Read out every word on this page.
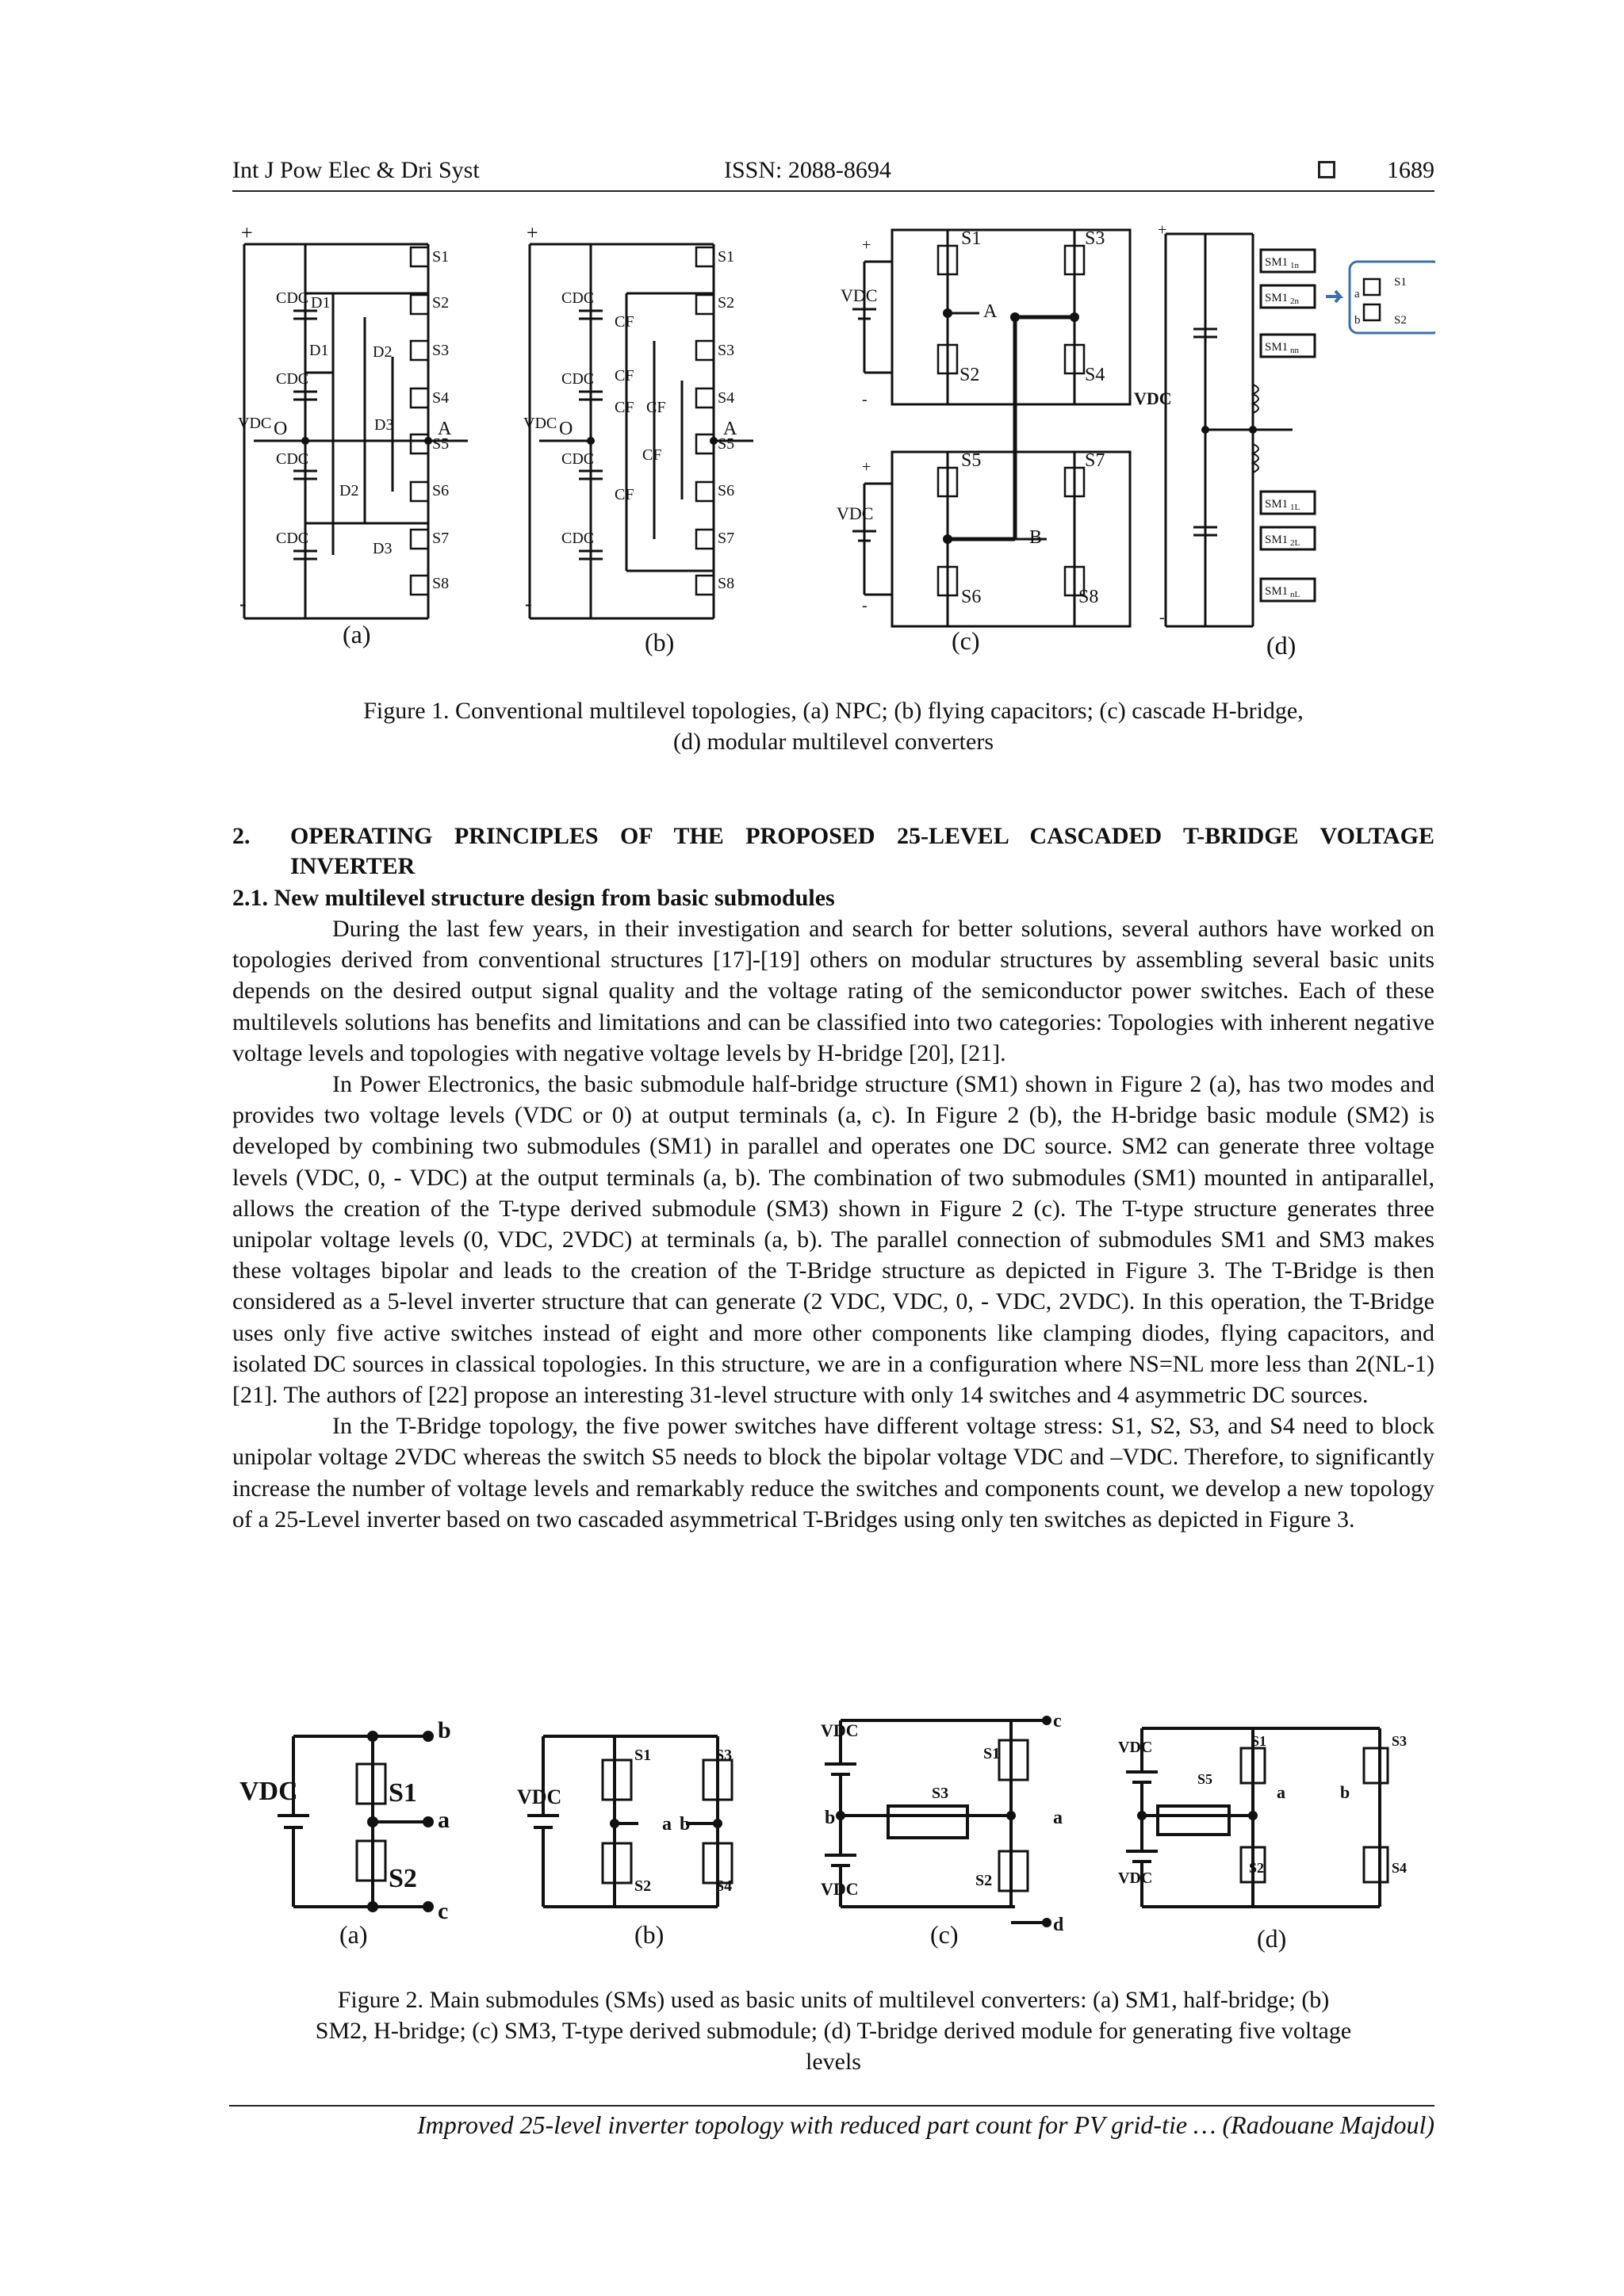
Int J Pow Elec & Dri Syst	ISSN: 2088-8694	1689
CDC
CDC
CDC
CDC
S1
S2
S3
S4
S5
S6
S7
S8
D1
D1	D2
D3
D2
D3
VDC O	A
+
-
CDC
CDC
CDC
CDC
CF
CF
CF CF
CF
CF
S1
S2
S3
S4
S5
S6
S7
S8
VDC O	A
+
-
S1
S2
S3
S4
S5
S6
S7
S8
VDC
VDC
A
B
+
-
+
-
SM1 1n
SM1 2n
SM1 nn
SM1 1L
SM1 2L
SM1 nL
S1
S2
a
b
VDC
+
-
(a)	(b)	(c)	(d)
Figure 1. Conventional multilevel topologies, (a) NPC; (b) flying capacitors; (c) cascade H-bridge,
(d) modular multilevel converters
2. OPERATING PRINCIPLES OF THE PROPOSED 25-LEVEL CASCADED T-BRIDGE VOLTAGE INVERTER
2.1. New multilevel structure design from basic submodules

During the last few years, in their investigation and search for better solutions, several authors have worked on topologies derived from conventional structures [17]-[19] others on modular structures by assembling several basic units depends on the desired output signal quality and the voltage rating of the semiconductor power switches. Each of these multilevels solutions has benefits and limitations and can be classified into two categories: Topologies with inherent negative voltage levels and topologies with negative voltage levels by H-bridge [20], [21].

In Power Electronics, the basic submodule half-bridge structure (SM1) shown in Figure 2 (a), has two modes and provides two voltage levels (VDC or 0) at output terminals (a, c). In Figure 2 (b), the H-bridge basic module (SM2) is developed by combining two submodules (SM1) in parallel and operates one DC source. SM2 can generate three voltage levels (VDC, 0, - VDC) at the output terminals (a, b). The combination of two submodules (SM1) mounted in antiparallel, allows the creation of the T-type derived submodule (SM3) shown in Figure 2 (c). The T-type structure generates three unipolar voltage levels (0, VDC, 2VDC) at terminals (a, b). The parallel connection of submodules SM1 and SM3 makes these voltages bipolar and leads to the creation of the T-Bridge structure as depicted in Figure 3. The T-Bridge is then considered as a 5-level inverter structure that can generate (2 VDC, VDC, 0, - VDC, 2VDC). In this operation, the T-Bridge uses only five active switches instead of eight and more other components like clamping diodes, flying capacitors, and isolated DC sources in classical topologies. In this structure, we are in a configuration where NS=NL more less than 2(NL-1) [21]. The authors of [22] propose an interesting 31-level structure with only 14 switches and 4 asymmetric DC sources.

In the T-Bridge topology, the five power switches have different voltage stress: S1, S2, S3, and S4 need to block unipolar voltage 2VDC whereas the switch S5 needs to block the bipolar voltage VDC and –VDC. Therefore, to significantly increase the number of voltage levels and remarkably reduce the switches and components count, we develop a new topology of a 25-Level inverter based on two cascaded asymmetrical T-Bridges using only ten switches as depicted in Figure 3.

VDC	S1
S2
a
b
c
VDC
S1
S2
S3
S4
a b
VDC
VDC
S1
S2
S3
a
b
c
d
VDC
VDC
S1
S2
S3
S4
S5
a	b
(a)	(b)	(c)	(d)
Figure 2. Main submodules (SMs) used as basic units of multilevel converters: (a) SM1, half-bridge; (b)
SM2, H-bridge; (c) SM3, T-type derived submodule; (d) T-bridge derived module for generating five voltage
levels
Improved 25-level inverter topology with reduced part count for PV grid-tie … (Radouane Majdoul)
